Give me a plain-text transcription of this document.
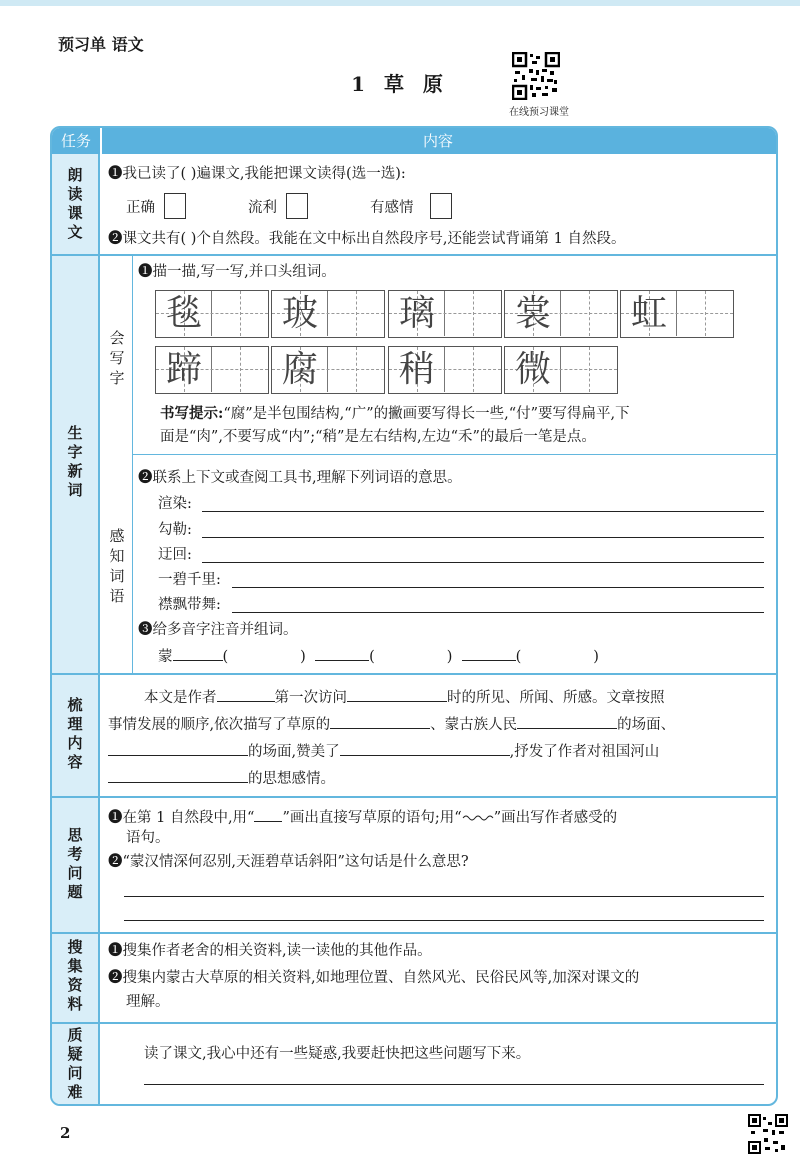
预习单 语文
1 草 原
在线预习课堂
任务	内容
朗
读
课
文
❶我已读了( )遍课文,我能把课文读得(选一选):
正确	流利	有感情
❷课文共有( )个自然段。我能在文中标出自然段序号,还能尝试背诵第 1 自然段。
生
字
新
词
会
写
字
❶描一描,写一写,并口头组词。
毯 玻 璃 裳 虹
蹄 腐 稍 微
书写提示:“腐”是半包围结构,“广”的撇画要写得长一些,“付”要写得扁平,下
面是“肉”,不要写成“内”;“稍”是左右结构,左边“禾”的最后一笔是点。
感
知
词
语
❷联系上下文或查阅工具书,理解下列词语的意思。
渲染:
勾勒:
迂回:
一碧千里:
襟飘带舞:
❸给多音字注音并组词。
蒙	(	)	(	)	(	)
梳
理
内
容
本文是作者	第一次访问	时的所见、所闻、所感。文章按照
事情发展的顺序,依次描写了草原的	、蒙古族人民	的场面、
的场面,赞美了	,抒发了作者对祖国河山
的思想感情。
思
考
问
题
❶在第 1 自然段中,用“ ”画出直接写草原的语句;用“ ”画出写作者感受的
语句。
❷“蒙汉情深何忍别,天涯碧草话斜阳”这句话是什么意思?
搜
集
资
料
❶搜集作者老舍的相关资料,读一读他的其他作品。
❷搜集内蒙古大草原的相关资料,如地理位置、自然风光、民俗民风等,加深对课文的
理解。
质
疑
问
难
读了课文,我心中还有一些疑惑,我要赶快把这些问题写下来。
2
